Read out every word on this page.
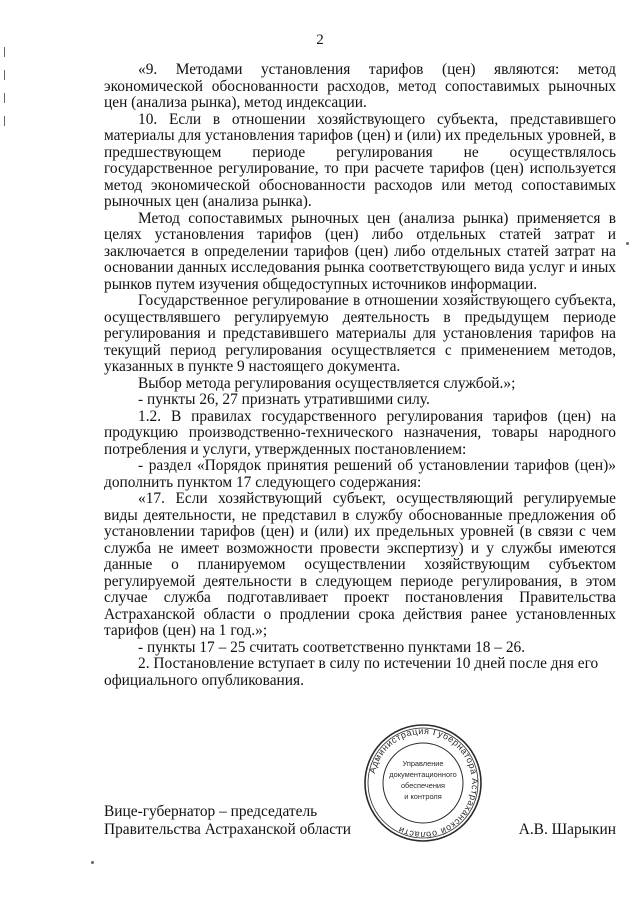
2

«9. Методами установления тарифов (цен) являются: метод экономической обоснованности расходов, метод сопоставимых рыночных цен (анализа рынка), метод индексации.

10. Если в отношении хозяйствующего субъекта, представившего материалы для установления тарифов (цен) и (или) их предельных уровней, в предшествующем периоде регулирования не осуществлялось государственное регулирование, то при расчете тарифов (цен) используется метод экономической обоснованности расходов или метод сопоставимых рыночных цен (анализа рынка).

Метод сопоставимых рыночных цен (анализа рынка) применяется в целях установления тарифов (цен) либо отдельных статей затрат и заключается в определении тарифов (цен) либо отдельных статей затрат на основании данных исследования рынка соответствующего вида услуг и иных рынков путем изучения общедоступных источников информации.

Государственное регулирование в отношении хозяйствующего субъекта, осуществлявшего регулируемую деятельность в предыдущем периоде регулирования и представившего материалы для установления тарифов на текущий период регулирования осуществляется с применением методов, указанных в пункте 9 настоящего документа.

Выбор метода регулирования осуществляется службой.»;

- пункты 26, 27 признать утратившими силу.

1.2. В правилах государственного регулирования тарифов (цен) на продукцию производственно-технического назначения, товары народного потребления и услуги, утвержденных постановлением:

- раздел «Порядок принятия решений об установлении тарифов (цен)» дополнить пунктом 17 следующего содержания:

«17. Если хозяйствующий субъект, осуществляющий регулируемые виды деятельности, не представил в службу обоснованные предложения об установлении тарифов (цен) и (или) их предельных уровней (в связи с чем служба не имеет возможности провести экспертизу) и у службы имеются данные о планируемом осуществлении хозяйствующим субъектом регулируемой деятельности в следующем периоде регулирования, в этом случае служба подготавливает проект постановления Правительства Астраханской области о продлении срока действия ранее установленных тарифов (цен) на 1 год.»;

- пункты 17 – 25 считать соответственно пунктами 18 – 26.

2. Постановление вступает в силу по истечении 10 дней после дня его официального опубликования.

Администрация Губернатора Астраханской области
Управление
документационного
обеспечения
и контроля
Вице-губернатор – председатель
Правительства Астраханской области	А.В. Шарыкин
